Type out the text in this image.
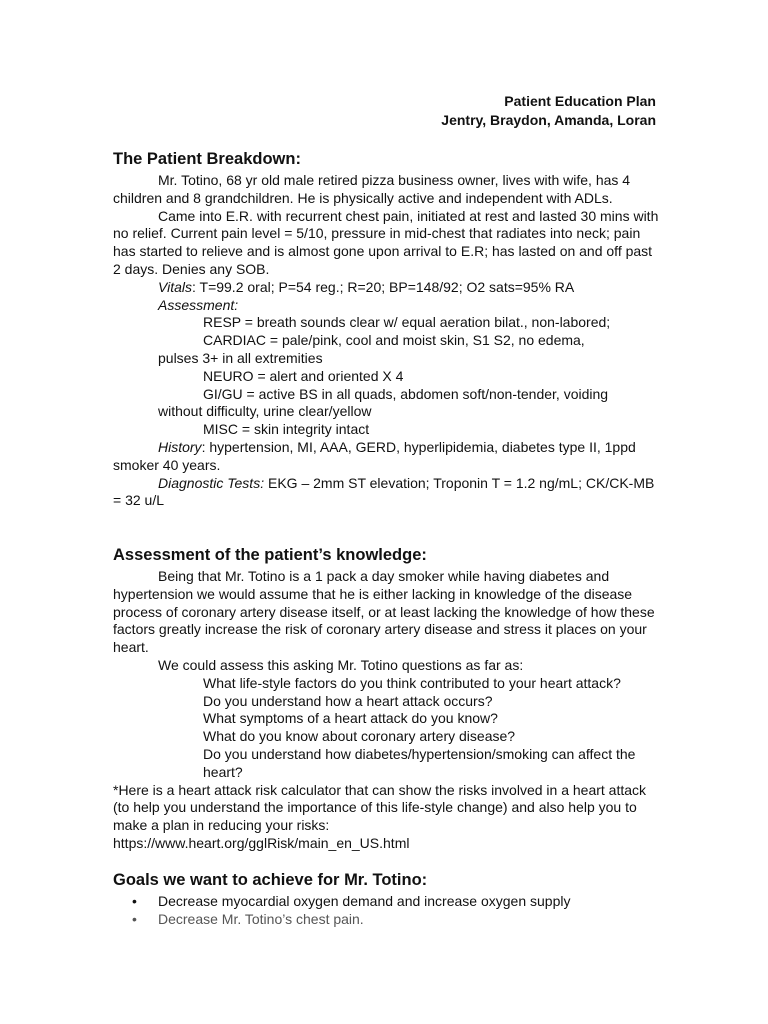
Patient Education Plan
Jentry, Braydon, Amanda, Loran
The Patient Breakdown:

Mr. Totino, 68 yr old male retired pizza business owner, lives with wife, has 4 children and 8 grandchildren. He is physically active and independent with ADLs.

Came into E.R. with recurrent chest pain, initiated at rest and lasted 30 mins with no relief. Current pain level = 5/10, pressure in mid-chest that radiates into neck; pain has started to relieve and is almost gone upon arrival to E.R; has lasted on and off past 2 days. Denies any SOB.

Vitals: T=99.2 oral; P=54 reg.; R=20; BP=148/92; O2 sats=95% RA

Assessment:

RESP = breath sounds clear w/ equal aeration bilat., non-labored;

CARDIAC = pale/pink, cool and moist skin, S1 S2, no edema,

pulses 3+ in all extremities

NEURO = alert and oriented X 4

GI/GU = active BS in all quads, abdomen soft/non-tender, voiding

without difficulty, urine clear/yellow

MISC = skin integrity intact

History: hypertension, MI, AAA, GERD, hyperlipidemia, diabetes type II, 1ppd smoker 40 years.

Diagnostic Tests: EKG – 2mm ST elevation; Troponin T = 1.2 ng/mL; CK/CK-MB = 32 u/L

Assessment of the patient’s knowledge:

Being that Mr. Totino is a 1 pack a day smoker while having diabetes and hypertension we would assume that he is either lacking in knowledge of the disease process of coronary artery disease itself, or at least lacking the knowledge of how these factors greatly increase the risk of coronary artery disease and stress it places on your heart.

We could assess this asking Mr. Totino questions as far as:

What life-style factors do you think contributed to your heart attack?

Do you understand how a heart attack occurs?

What symptoms of a heart attack do you know?

What do you know about coronary artery disease?

Do you understand how diabetes/hypertension/smoking can affect the heart?

*Here is a heart attack risk calculator that can show the risks involved in a heart attack (to help you understand the importance of this life-style change) and also help you to make a plan in reducing your risks:

https://www.heart.org/gglRisk/main_en_US.html

Goals we want to achieve for Mr. Totino:
• Decrease myocardial oxygen demand and increase oxygen supply
• Decrease Mr. Totino’s chest pain.
